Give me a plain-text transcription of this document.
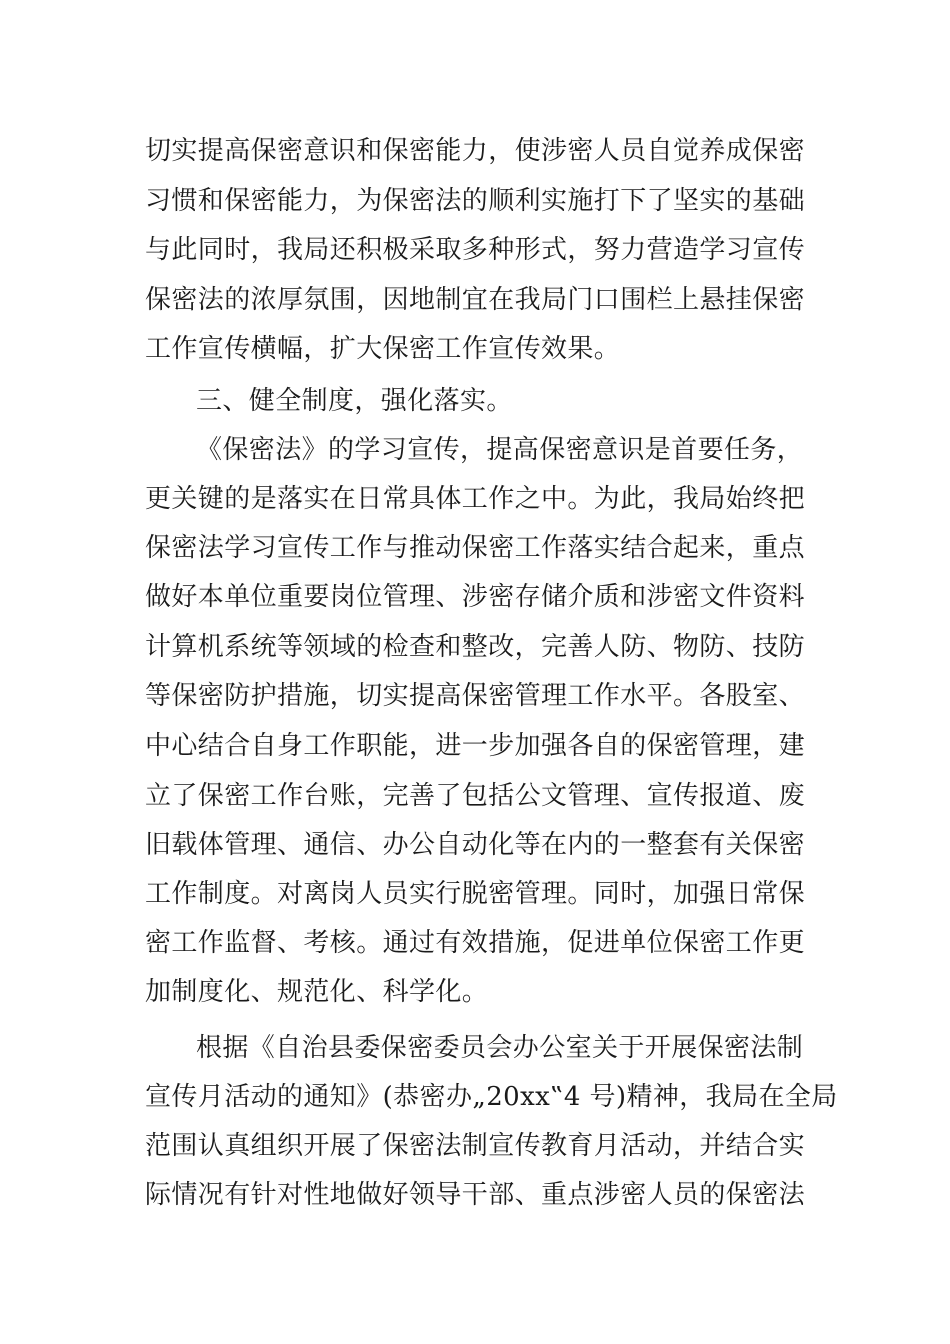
切实提高保密意识和保密能力，使涉密人员自觉养成保密
习惯和保密能力，为保密法的顺利实施打下了坚实的基础
与此同时，我局还积极采取多种形式，努力营造学习宣传
保密法的浓厚氛围，因地制宜在我局门口围栏上悬挂保密
工作宣传横幅，扩大保密工作宣传效果。
三、健全制度，强化落实。
《保密法》的学习宣传，提高保密意识是首要任务，
更关键的是落实在日常具体工作之中。为此，我局始终把
保密法学习宣传工作与推动保密工作落实结合起来，重点
做好本单位重要岗位管理、涉密存储介质和涉密文件资料
计算机系统等领域的检查和整改，完善人防、物防、技防
等保密防护措施，切实提高保密管理工作水平。各股室、
中心结合自身工作职能，进一步加强各自的保密管理，建
立了保密工作台账，完善了包括公文管理、宣传报道、废
旧载体管理、通信、办公自动化等在内的一整套有关保密
工作制度。对离岗人员实行脱密管理。同时，加强日常保
密工作监督、考核。通过有效措施，促进单位保密工作更
加制度化、规范化、科学化。
根据《自治县委保密委员会办公室关于开展保密法制
宣传月活动的通知》(恭密办„20xx‟4 号)精神，我局在全局
范围认真组织开展了保密法制宣传教育月活动，并结合实
际情况有针对性地做好领导干部、重点涉密人员的保密法
